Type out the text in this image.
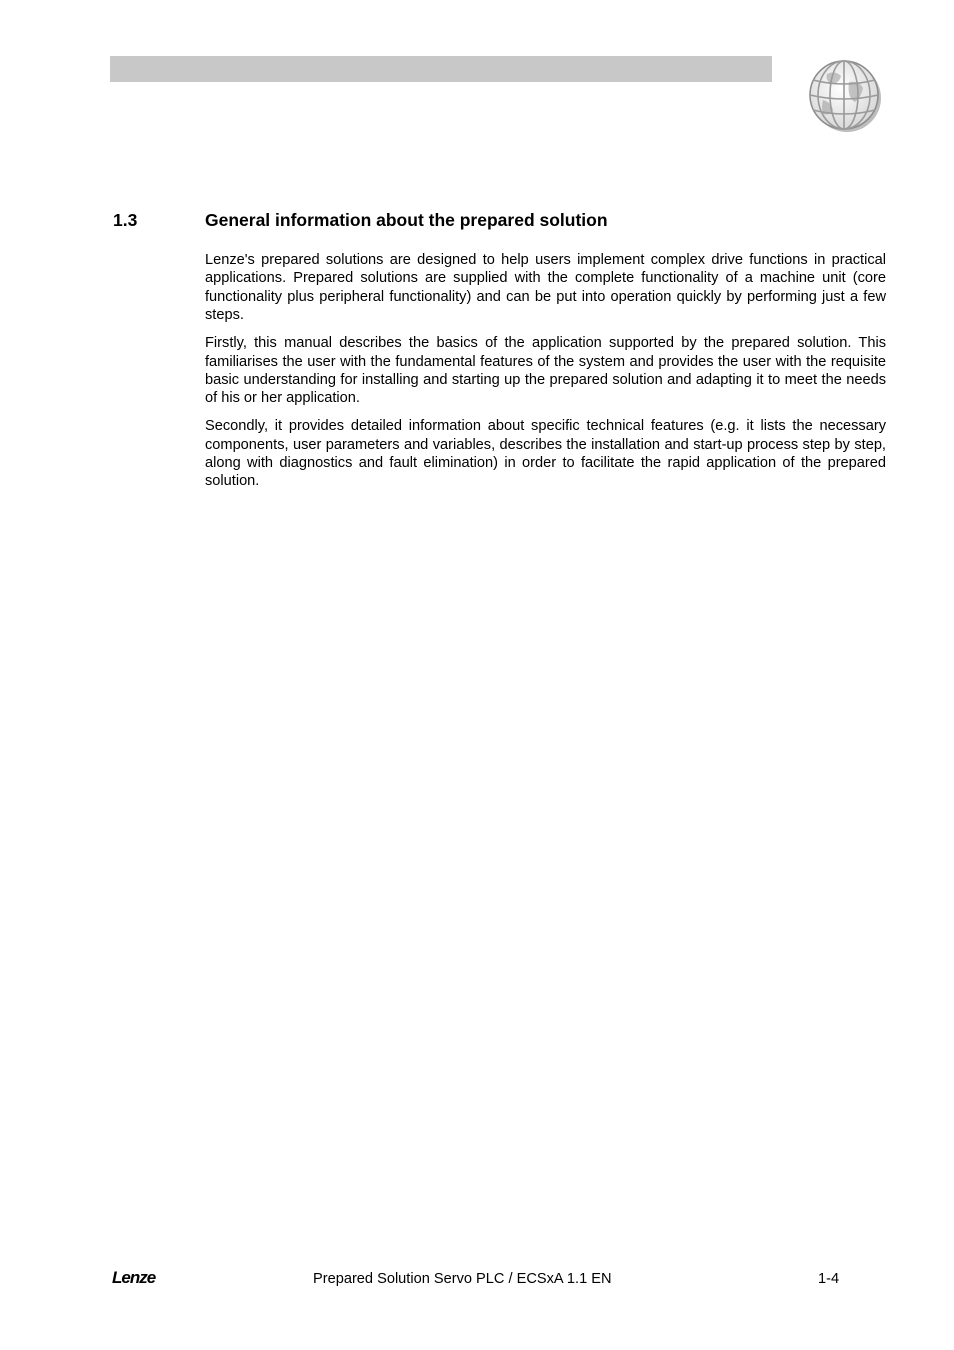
1.3	General information about the prepared solution

Lenze's prepared solutions are designed to help users implement complex drive functions in practical applications. Prepared solutions are supplied with the complete functionality of a machine unit (core functionality plus peripheral functionality) and can be put into operation quickly by performing just a few steps.

Firstly, this manual describes the basics of the application supported by the prepared solution. This familiarises the user with the fundamental features of the system and provides the user with the requisite basic understanding for installing and starting up the prepared solution and adapting it to meet the needs of his or her application.

Secondly, it provides detailed information about specific technical features (e.g. it lists the necessary components, user parameters and variables, describes the installation and start-up process step by step, along with diagnostics and fault elimination) in order to facilitate the rapid application of the prepared solution.

Lenze	Prepared Solution Servo PLC / ECSxA 1.1 EN	1-4
